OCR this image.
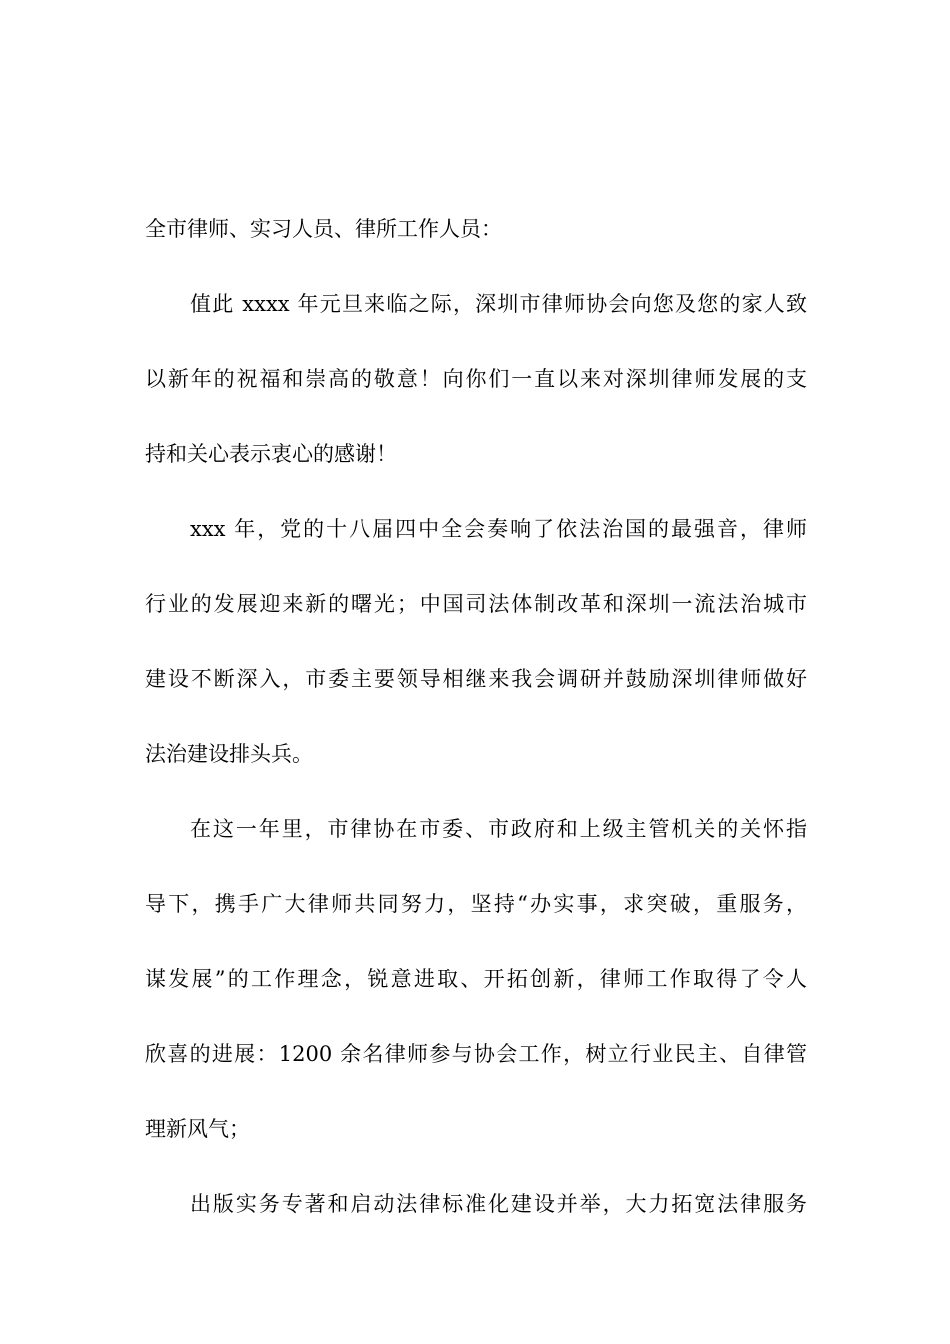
全市律师、实习人员、律所工作人员：
值此 xxxx 年元旦来临之际，深圳市律师协会向您及您的家人致
以新年的祝福和崇高的敬意！向你们一直以来对深圳律师发展的支
持和关心表示衷心的感谢！
xxx 年，党的十八届四中全会奏响了依法治国的最强音，律师
行业的发展迎来新的曙光；中国司法体制改革和深圳一流法治城市
建设不断深入，市委主要领导相继来我会调研并鼓励深圳律师做好
法治建设排头兵。
在这一年里，市律协在市委、市政府和上级主管机关的关怀指
导下，携手广大律师共同努力，坚持“办实事，求突破，重服务，
谋发展”的工作理念，锐意进取、开拓创新，律师工作取得了令人
欣喜的进展：1200 余名律师参与协会工作，树立行业民主、自律管
理新风气；
出版实务专著和启动法律标准化建设并举，大力拓宽法律服务
